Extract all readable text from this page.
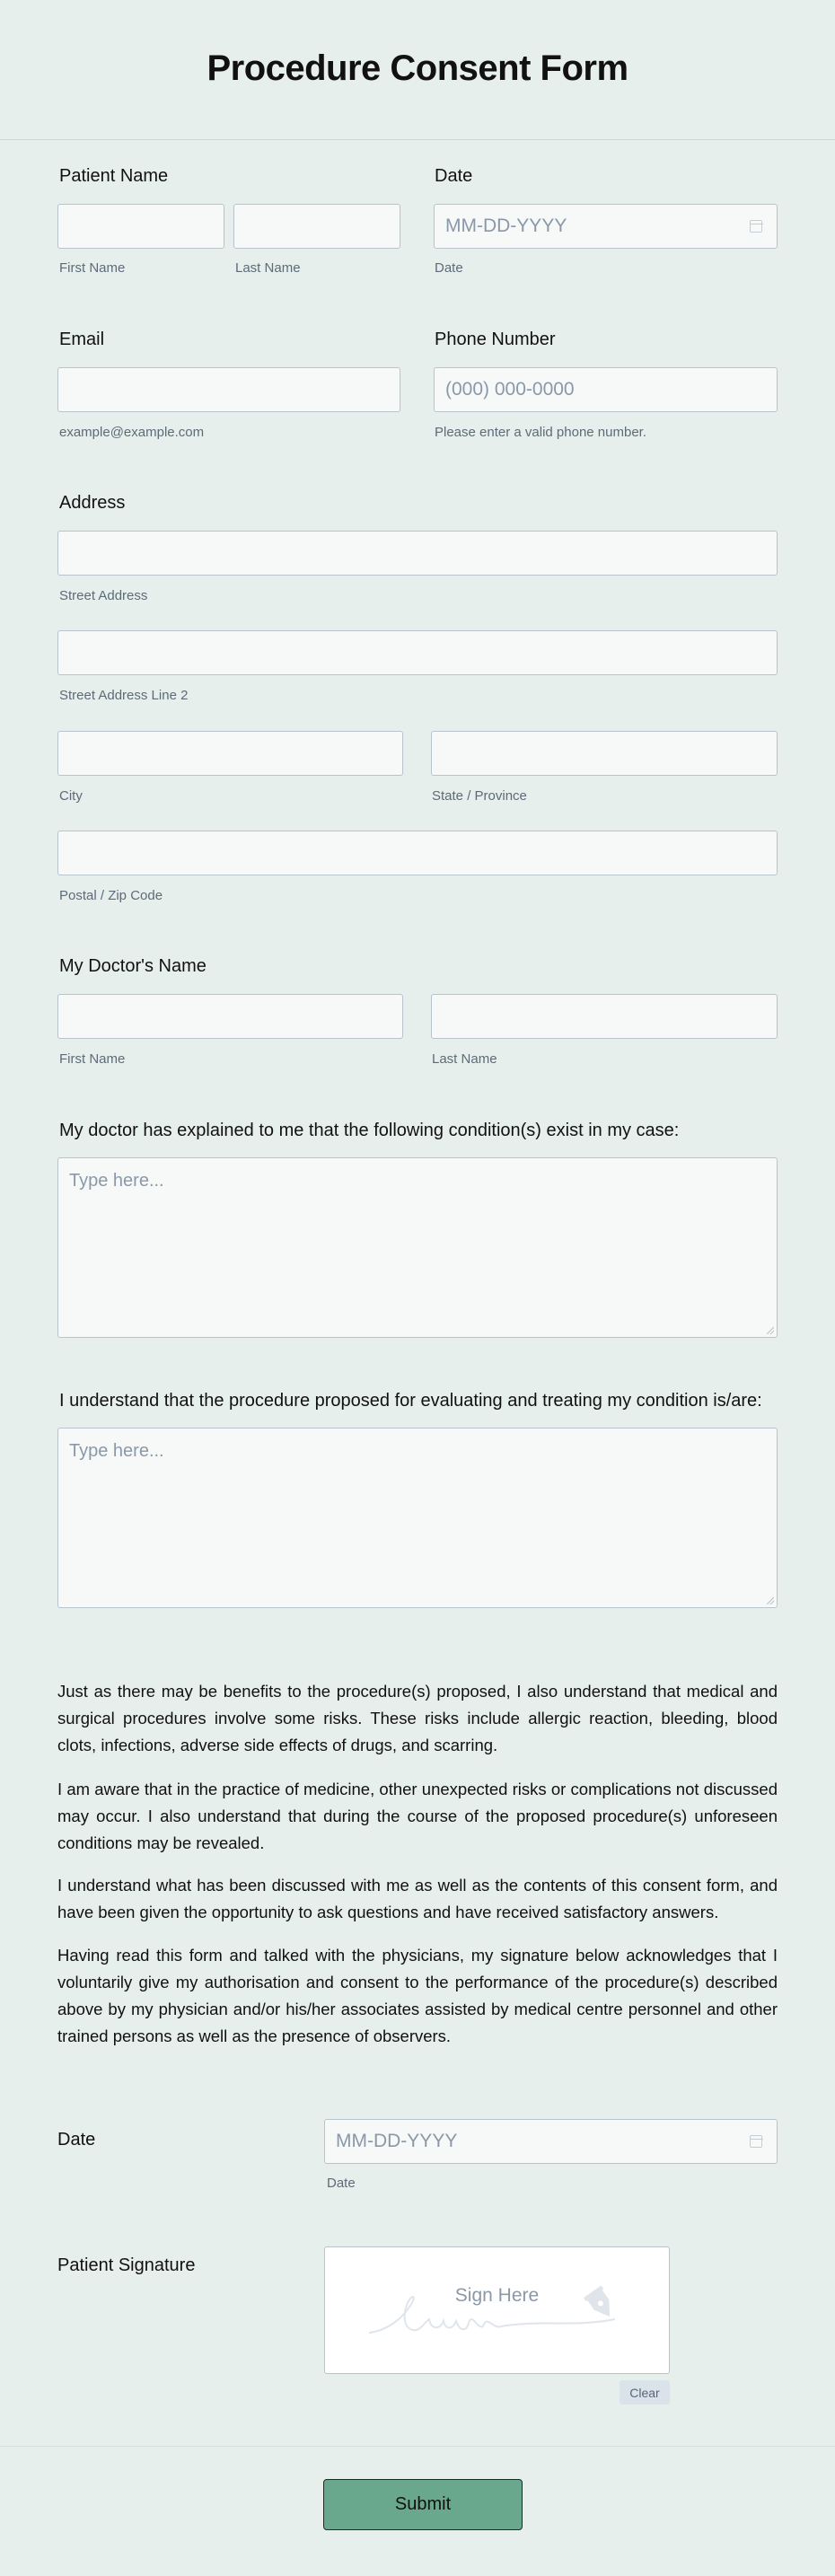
Procedure Consent Form
Patient Name
First Name	Last Name
Date
MM-DD-YYYY
Date
Email
example@example.com
Phone Number
(000) 000-0000
Please enter a valid phone number.
Address
Street Address
Street Address Line 2
City	State / Province
Postal / Zip Code
My Doctor's Name
First Name	Last Name
My doctor has explained to me that the following condition(s) exist in my case:
Type here...
I understand that the procedure proposed for evaluating and treating my condition is/are:
Type here...
Just as there may be benefits to the procedure(s) proposed, I also understand that medical and surgical procedures involve some risks. These risks include allergic reaction, bleeding, blood clots, infections, adverse side effects of drugs, and scarring.
I am aware that in the practice of medicine, other unexpected risks or complications not discussed may occur. I also understand that during the course of the proposed procedure(s) unforeseen conditions may be revealed.
I understand what has been discussed with me as well as the contents of this consent form, and have been given the opportunity to ask questions and have received satisfactory answers.
Having read this form and talked with the physicians, my signature below acknowledges that I voluntarily give my authorisation and consent to the performance of the procedure(s) described above by my physician and/or his/her associates assisted by medical centre personnel and other trained persons as well as the presence of observers.
Date	MM-DD-YYYY
Date
Patient Signature
Sign Here
Clear
Submit
